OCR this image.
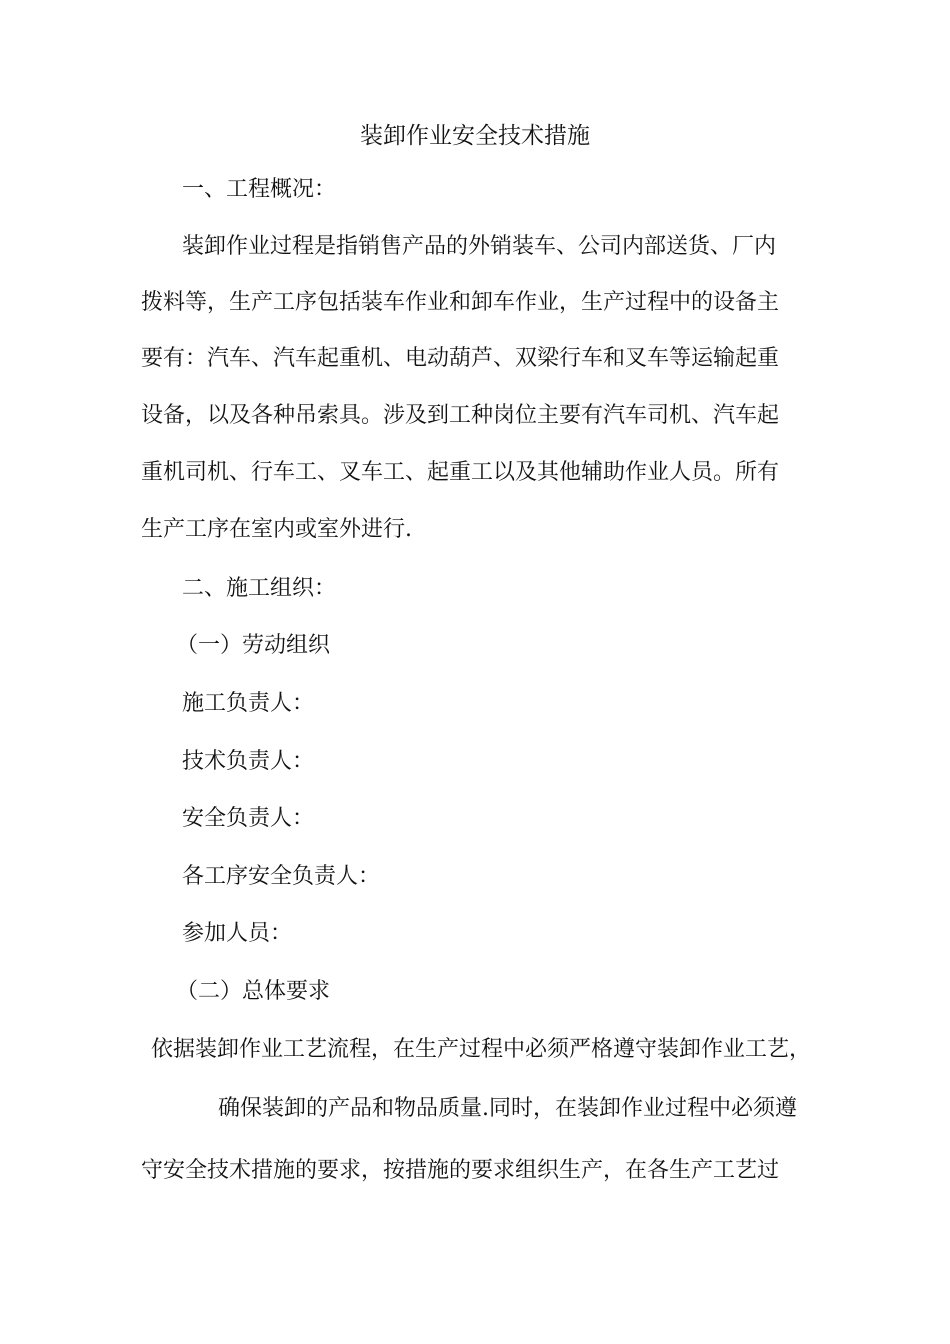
装卸作业安全技术措施
一、工程概况：
装卸作业过程是指销售产品的外销装车、公司内部送货、厂内
拨料等，生产工序包括装车作业和卸车作业，生产过程中的设备主
要有：汽车、汽车起重机、电动葫芦、双梁行车和叉车等运输起重
设备，以及各种吊索具。涉及到工种岗位主要有汽车司机、汽车起
重机司机、行车工、叉车工、起重工以及其他辅助作业人员。所有
生产工序在室内或室外进行.
二、施工组织：
（一）劳动组织
施工负责人：
技术负责人：
安全负责人：
各工序安全负责人：
参加人员：
（二）总体要求
依据装卸作业工艺流程，在生产过程中必须严格遵守装卸作业工艺，
确保装卸的产品和物品质量.同时，在装卸作业过程中必须遵
守安全技术措施的要求，按措施的要求组织生产，在各生产工艺过
